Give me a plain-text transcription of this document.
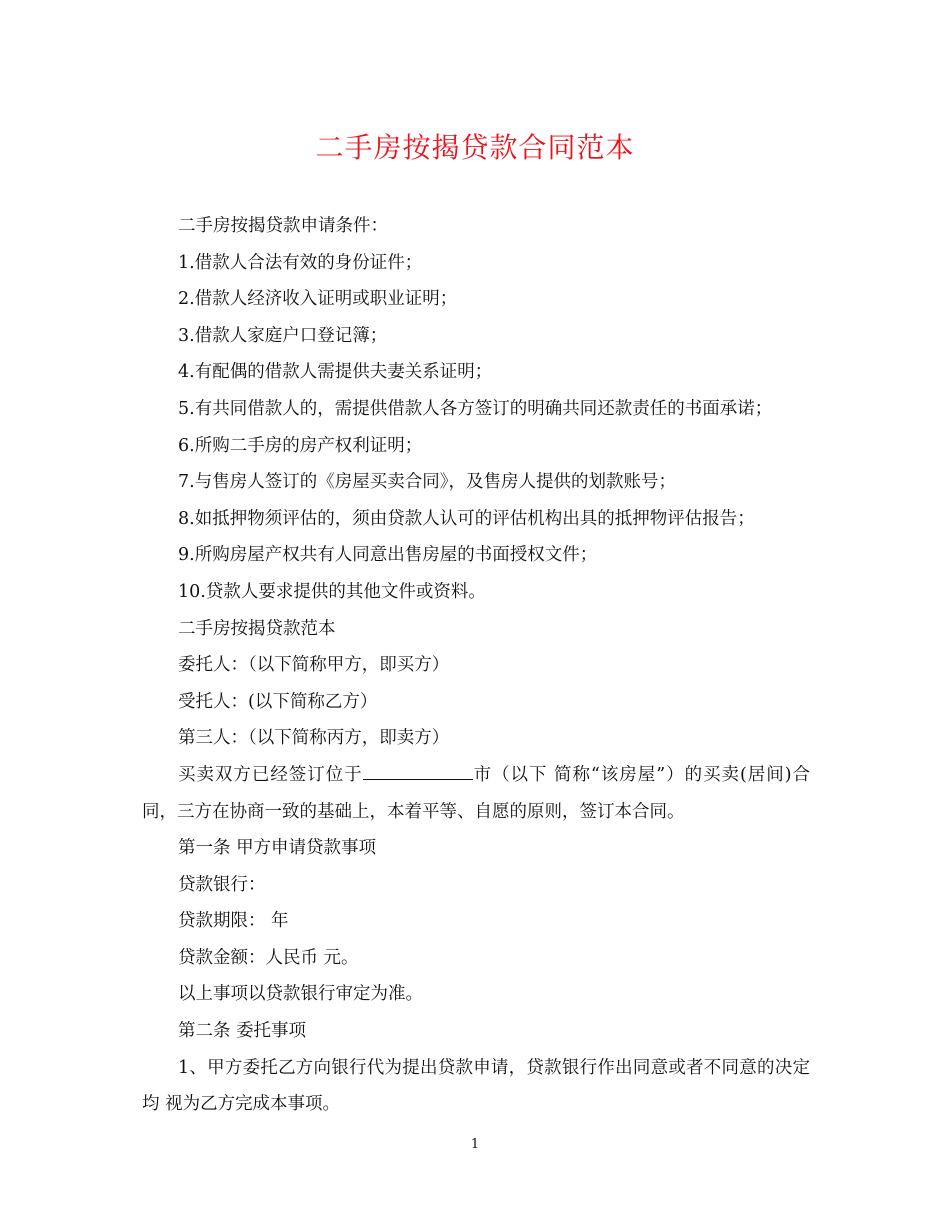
二手房按揭贷款合同范本

二手房按揭贷款申请条件：

1.借款人合法有效的身份证件；

2.借款人经济收入证明或职业证明；

3.借款人家庭户口登记簿；

4.有配偶的借款人需提供夫妻关系证明；

5.有共同借款人的，需提供借款人各方签订的明确共同还款责任的书面承诺；

6.所购二手房的房产权利证明；

7.与售房人签订的《房屋买卖合同》，及售房人提供的划款账号；

8.如抵押物须评估的，须由贷款人认可的评估机构出具的抵押物评估报告；

9.所购房屋产权共有人同意出售房屋的书面授权文件；

10.贷款人要求提供的其他文件或资料。

二手房按揭贷款范本

委托人：（以下简称甲方，即买方）

受托人：(以下简称乙方）

第三人：（以下简称丙方，即卖方）

买卖双方已经签订位于	市（以下 简称“该房屋”）的买卖(居间)合同，三方在协商一致的基础上，本着平等、自愿的原则，签订本合同。

第一条 甲方申请贷款事项

贷款银行：

贷款期限： 年

贷款金额：人民币 元。

以上事项以贷款银行审定为准。

第二条 委托事项

1、甲方委托乙方向银行代为提出贷款申请，贷款银行作出同意或者不同意的决定均 视为乙方完成本事项。

1
